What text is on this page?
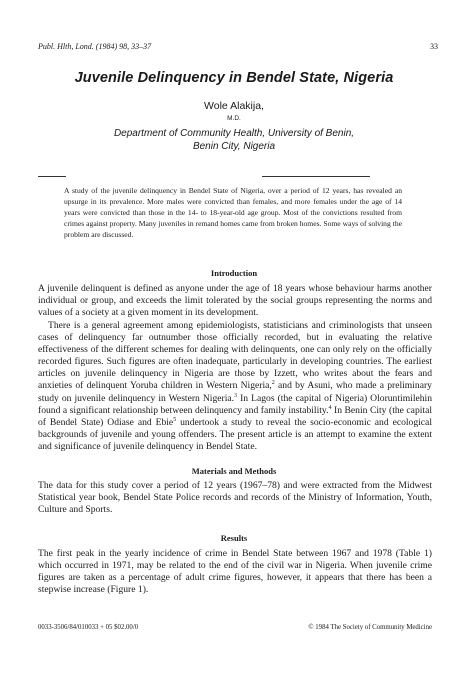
Publ. Hlth, Lond. (1984) 98, 33–37	33
Juvenile Delinquency in Bendel State, Nigeria
Wole Alakija,
M.D.
Department of Community Health, University of Benin,
Benin City, Nigeria
A study of the juvenile delinquency in Bendel State of Nigeria, over a period of 12 years, has revealed an upsurge in its prevalence. More males were convicted than females, and more females under the age of 14 years were convicted than those in the 14- to 18-year-old age group. Most of the convictions resulted from crimes against property. Many juveniles in remand homes came from broken homes. Some ways of solving the problem are discussed.
Introduction
A juvenile delinquent is defined as anyone under the age of 18 years whose behaviour harms another individual or group, and exceeds the limit tolerated by the social groups representing the norms and values of a society at a given moment in its development.
There is a general agreement among epidemiologists, statisticians and criminologists that unseen cases of delinquency far outnumber those officially recorded, but in evaluating the relative effectiveness of the different schemes for dealing with delinquents, one can only rely on the officially recorded figures. Such figures are often inadequate, particularly in developing countries. The earliest articles on juvenile delinquency in Nigeria are those by Izzett, who writes about the fears and anxieties of delinquent Yoruba children in Western Nigeria,$^2$ and by Asuni, who made a preliminary study on juvenile delinquency in Western Nigeria.$^3$ In Lagos (the capital of Nigeria) Oloruntimilehin found a significant relationship between delinquency and family instability.$^4$ In Benin City (the capital of Bendel State) Odiase and Ebie$^5$ undertook a study to reveal the socio-economic and ecological backgrounds of juvenile and young offenders. The present article is an attempt to examine the extent and significance of juvenile delinquency in Bendel State.
Materials and Methods
The data for this study cover a period of 12 years (1967–78) and were extracted from the Midwest Statistical year book, Bendel State Police records and records of the Ministry of Information, Youth, Culture and Sports.
Results
The first peak in the yearly incidence of crime in Bendel State between 1967 and 1978 (Table 1) which occurred in 1971, may be related to the end of the civil war in Nigeria. When juvenile crime figures are taken as a percentage of adult crime figures, however, it appears that there has been a stepwise increase (Figure 1).
0033-3506/84/010033 + 05 $02.00/0	© 1984 The Society of Community Medicine
